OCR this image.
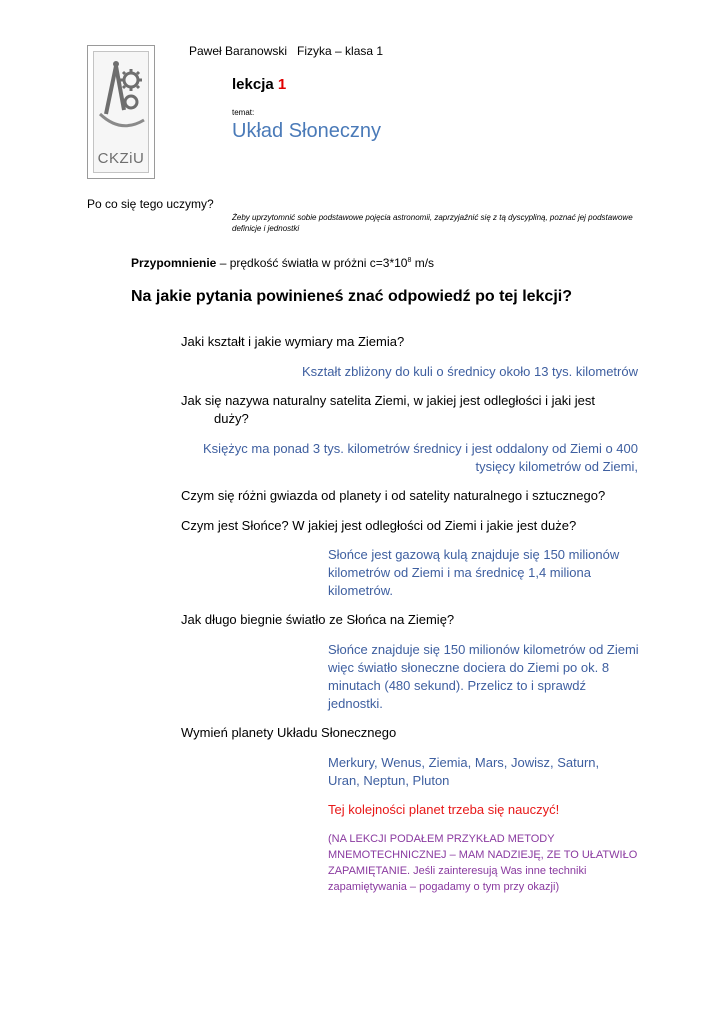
CKZiU
Paweł Baranowski   Fizyka – klasa 1
lekcja 1
temat:
Układ Słoneczny
Po co się tego uczymy?
Żeby uprzytomnić sobie podstawowe pojęcia astronomii, zaprzyjaźnić się z tą dyscypliną, poznać jej podstawowe definicje i jednostki
Przypomnienie – prędkość światła w próżni $c=3*10^8$ m/s
Na jakie pytania powinieneś znać odpowiedź po tej lekcji?
Jaki kształt i jakie wymiary ma Ziemia?
Kształt zbliżony do kuli o średnicy około 13 tys. kilometrów
Jak się nazywa naturalny satelita Ziemi, w jakiej jest odległości i jaki jest
duży?
Księżyc ma ponad 3 tys. kilometrów średnicy i jest oddalony od Ziemi o 400
tysięcy kilometrów od Ziemi,
Czym się różni gwiazda od planety i od satelity naturalnego i sztucznego?
Czym jest Słońce? W jakiej jest odległości od Ziemi i jakie jest duże?
Słońce jest gazową kulą znajduje się 150 milionów kilometrów od Ziemi i ma średnicę 1,4 miliona kilometrów.
Jak długo biegnie światło ze Słońca na Ziemię?
Słońce znajduje się 150 milionów kilometrów od Ziemi więc światło słoneczne dociera do Ziemi po ok. 8 minutach (480 sekund). Przelicz to i sprawdź jednostki.
Wymień planety Układu Słonecznego
Merkury, Wenus, Ziemia, Mars, Jowisz, Saturn, Uran, Neptun, Pluton
Tej kolejności planet trzeba się nauczyć!
(NA LEKCJI PODAŁEM PRZYKŁAD METODY MNEMOTECHNICZNEJ – MAM NADZIEJĘ, ZE TO UŁATWIŁO ZAPAMIĘTANIE. Jeśli zainteresują Was inne techniki zapamiętywania – pogadamy o tym przy okazji)
